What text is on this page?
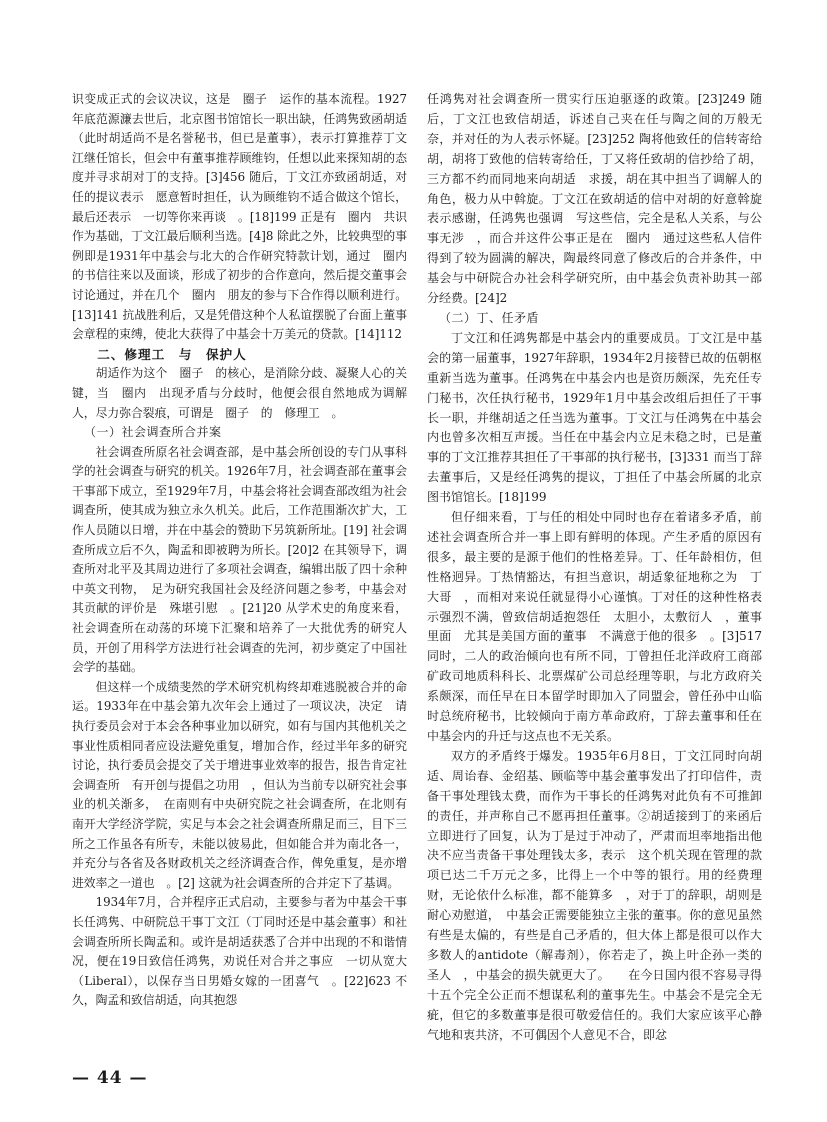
识变成正式的会议决议，这是　圈子　运作的基本流程。1927年底范源濂去世后，北京图书馆馆长一职出缺，任鸿隽致函胡适（此时胡适尚不是名誉秘书，但已是董事），表示打算推荐丁文江继任馆长，但会中有董事推荐顾维钧，任想以此来探知胡的态度并寻求胡对丁的支持。[3]456 随后，丁文江亦致函胡适，对任的提议表示　愿意暂时担任，认为顾维钧不适合做这个馆长，最后还表示　一切等你来再谈　。[18]199 正是有　圈内　共识作为基础，丁文江最后顺利当选。[4]8 除此之外，比较典型的事例即是1931年中基会与北大的合作研究特款计划，通过　圈内　的书信往来以及面谈，形成了初步的合作意向，然后提交董事会讨论通过，并在几个　圈内　朋友的参与下合作得以顺利进行。[13]141 抗战胜利后，又是凭借这种个人私谊摆脱了台面上董事会章程的束缚，使北大获得了中基会十万美元的贷款。[14]112

二、修理工　与　保护人

胡适作为这个　圈子　的核心，是消除分歧、凝聚人心的关键，当　圈内　出现矛盾与分歧时，他便会很自然地成为调解人，尽力弥合裂痕，可谓是　圈子　的　修理工　。

（一）社会调查所合并案

社会调查所原名社会调查部，是中基会所创设的专门从事科学的社会调查与研究的机关。1926年7月，社会调查部在董事会干事部下成立，至1929年7月，中基会将社会调查部改组为社会调查所，使其成为独立永久机关。此后，工作范围渐次扩大，工作人员随以日增，并在中基会的赞助下另筑新所址。[19] 社会调查所成立后不久，陶孟和即被聘为所长。[20]2 在其领导下，调查所对北平及其周边进行了多项社会调查，编辑出版了四十余种中英文刊物，　足为研究我国社会及经济问题之参考，中基会对其贡献的评价是　殊堪引慰　。[21]20 从学术史的角度来看，社会调查所在动荡的环境下汇聚和培养了一大批优秀的研究人员，开创了用科学方法进行社会调查的先河，初步奠定了中国社会学的基础。

但这样一个成绩斐然的学术研究机构终却难逃脱被合并的命运。1933年在中基会第九次年会上通过了一项议决，决定　请执行委员会对于本会各种事业加以研究，如有与国内其他机关之事业性质相同者应设法避免重复，增加合作，经过半年多的研究讨论，执行委员会提交了关于增进事业效率的报告，报告肯定社会调查所　有开创与提倡之功用　，但认为当前专以研究社会事业的机关渐多，　在南则有中央研究院之社会调查所，在北则有南开大学经济学院，实足与本会之社会调查所鼎足而三，目下三所之工作虽各有所专，未能以彼易此，但如能合并为南北各一，并充分与各省及各财政机关之经济调查合作，俾免重复，是亦增进效率之一道也　。[2] 这就为社会调查所的合并定下了基调。

1934年7月，合并程序正式启动，主要参与者为中基会干事长任鸿隽、中研院总干事丁文江（丁同时还是中基会董事）和社会调查所所长陶孟和。或许是胡适获悉了合并中出现的不和谐情况，便在19日致信任鸿隽，劝说任对合并之事应　一切从宽大（Liberal），以保存当日男婚女嫁的一团喜气　。[22]623 不久，陶孟和致信胡适，向其抱怨

任鸿隽对社会调查所一贯实行压迫驱逐的政策。[23]249 随后，丁文江也致信胡适，诉述自己夹在任与陶之间的万般无奈，并对任的为人表示怀疑。[23]252 陶将他致任的信转寄给胡，胡将丁致他的信转寄给任，丁又将任致胡的信抄给了胡，三方都不约而同地来向胡适　求援，胡在其中担当了调解人的角色，极力从中斡旋。丁文江在致胡适的信中对胡的好意斡旋表示感谢，任鸿隽也强调　写这些信，完全是私人关系，与公事无涉　，而合并这件公事正是在　圈内　通过这些私人信件得到了较为圆满的解决，陶最终同意了修改后的合并条件，中基会与中研院合办社会科学研究所，由中基会负责补助其一部分经费。[24]2

（二）丁、任矛盾

丁文江和任鸿隽都是中基会内的重要成员。丁文江是中基会的第一届董事，1927年辞职，1934年2月接替已故的伍朝枢重新当选为董事。任鸿隽在中基会内也是资历颇深，先充任专门秘书，次任执行秘书，1929年1月中基会改组后担任了干事长一职，并继胡适之任当选为董事。丁文江与任鸿隽在中基会内也曾多次相互声援。当任在中基会内立足未稳之时，已是董事的丁文江推荐其担任了干事部的执行秘书，[3]331 而当丁辞去董事后，又是经任鸿隽的提议，丁担任了中基会所属的北京图书馆馆长。[18]199

但仔细来看，丁与任的相处中同时也存在着诸多矛盾，前述社会调查所合并一事上即有鲜明的体现。产生矛盾的原因有很多，最主要的是源于他们的性格差异。丁、任年龄相仿，但性格迥异。丁热情豁达，有担当意识，胡适象征地称之为　丁大哥　，而相对来说任就显得小心谨慎。丁对任的这种性格表示强烈不满，曾致信胡适抱怨任　太胆小，太敷衍人　，董事里面　尤其是美国方面的董事　不满意于他的很多　。[3]517 同时，二人的政治倾向也有所不同，丁曾担任北洋政府工商部矿政司地质科科长、北票煤矿公司总经理等职，与北方政府关系颇深，而任早在日本留学时即加入了同盟会，曾任孙中山临时总统府秘书，比较倾向于南方革命政府，丁辞去董事和任在中基会内的升迁与这点也不无关系。

双方的矛盾终于爆发。1935年6月8日，丁文江同时向胡适、周诒春、金绍基、顾临等中基会董事发出了打印信件，责备干事处理钱太费，而作为干事长的任鸿隽对此负有不可推卸的责任，并声称自己不愿再担任董事。②胡适接到丁的来函后立即进行了回复，认为丁是过于冲动了，严肃而坦率地指出他决不应当责备干事处理钱太多，表示　这个机关现在管理的款项已达二千万元之多，比得上一个中等的银行。用的经费理财，无论依什么标准，都不能算多　，对于丁的辞职，胡则是耐心劝慰道，　中基会正需要能独立主张的董事。你的意见虽然有些是太偏的，有些是自己矛盾的，但大体上都是很可以作大多数人的antidote（解毒剂），你若走了，换上叶企孙一类的　圣人　，中基会的损失就更大了。　　在今日国内很不容易寻得十五个完全公正而不想谋私利的董事先生。中基会不是完全无疵，但它的多数董事是很可敬爱信任的。我们大家应该平心静气地和衷共济，不可偶因个人意见不合，即忿

— 44 —
